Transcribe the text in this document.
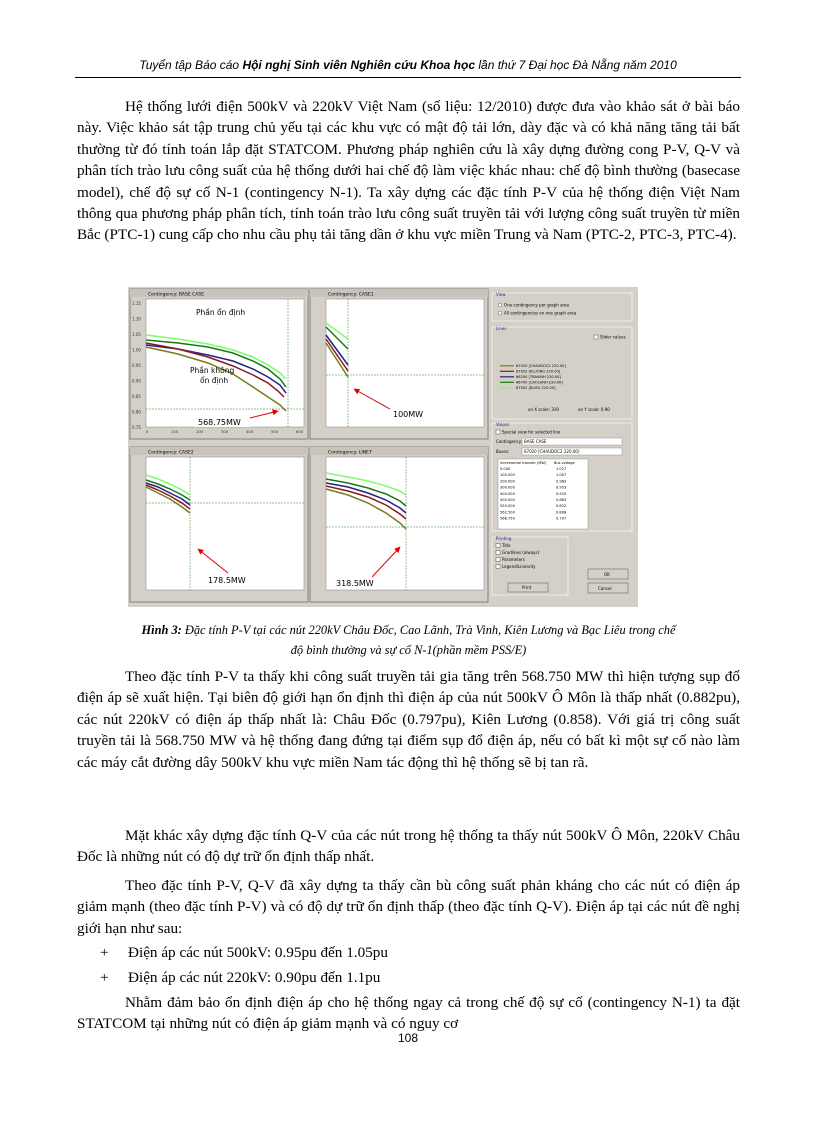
Tuyển tập Báo cáo Hội nghị Sinh viên Nghiên cứu Khoa học lần thứ 7 Đại học Đà Nẵng năm 2010

Hệ thống lưới điện 500kV và 220kV Việt Nam (số liệu: 12/2010) được đưa vào khảo sát ở bài báo này. Việc khảo sát tập trung chủ yếu tại các khu vực có mật độ tải lớn, dày đặc và có khả năng tăng tải bất thường từ đó tính toán lắp đặt STATCOM. Phương pháp nghiên cứu là xây dựng đường cong P-V, Q-V và phân tích trào lưu công suất của hệ thống dưới hai chế độ làm việc khác nhau: chế độ bình thường (basecase model), chế độ sự cố N-1 (contingency N-1). Ta xây dựng các đặc tính P-V của hệ thống điện Việt Nam thông qua phương pháp phân tích, tính toán trào lưu công suất truyền tải với lượng công suất truyền từ miền Bắc (PTC-1) cung cấp cho nhu cầu phụ tải tăng dần ở khu vực miền Trung và Nam (PTC-2, PTC-3, PTC-4).

Contingency: BASE CASE
1.15
1.10
1.05
1.00
0.95
0.90
0.85
0.80
0.75
Phần ổn định
Phần không
ổn định
568.75MW
0	100	200	300	400	500	600
Contingency: CASE1
100MW
Contingency: CASE2
178.5MW
Contingency: LINE7
318.5MW
View
One contingency per graph area
All contingencies on one graph area
Lines
Slider values
67020 [CHAUDOC2 220.00]
67052 [KLUONG 220.00]
66250 [TRAVINH 220.00]
66790 [CAOLANH 220.00]
67052 [BLIEU 220.00]
on X scale: 319	on Y scale: 0.90
Values
Special view for selected line
Contingency: BASE CASE
Buses:	67020 [CHAUDOC2 220.00]
Incremental transfer (MW) Bus voltage
0.000	1.027
100.000	1.007
200.000	0.983
300.000	0.953
400.000	0.915
500.000	0.863
550.000	0.822
562.500	0.808
568.750	0.797
Printing
Title
Gradlines (always)
Parameters
Legend/Linearity
Print
OK
Cancel
Hình 3: Đặc tính P-V tại các nút 220kV Châu Đốc, Cao Lãnh, Trà Vinh, Kiên Lương và Bạc Liêu trong chế
độ bình thường và sự cố N-1(phần mềm PSS/E)

Theo đặc tính P-V ta thấy khi công suất truyền tải gia tăng trên 568.750 MW thì hiện tượng sụp đổ điện áp sẽ xuất hiện. Tại biên độ giới hạn ổn định thì điện áp của nút 500kV Ô Môn là thấp nhất (0.882pu), các nút 220kV có điện áp thấp nhất là: Châu Đốc (0.797pu), Kiên Lương (0.858). Với giá trị công suất truyền tải là 568.750 MW và hệ thống đang đứng tại điểm sụp đổ điện áp, nếu có bất kì một sự cố nào làm các máy cắt đường dây 500kV khu vực miền Nam tác động thì hệ thống sẽ bị tan rã.

Mặt khác xây dựng đặc tính Q-V của các nút trong hệ thống ta thấy nút 500kV Ô Môn, 220kV Châu Đốc là những nút có độ dự trữ ổn định thấp nhất.

Theo đặc tính P-V, Q-V đã xây dựng ta thấy cần bù công suất phản kháng cho các nút có điện áp giảm mạnh (theo đặc tính P-V) và có độ dự trữ ổn định thấp (theo đặc tính Q-V). Điện áp tại các nút đề nghị giới hạn như sau:

+ Điện áp các nút 500kV: 0.95pu đến 1.05pu
+ Điện áp các nút 220kV: 0.90pu đến 1.1pu

Nhằm đảm bảo ổn định điện áp cho hệ thống ngay cả trong chế độ sự cố (contingency N-1) ta đặt STATCOM tại những nút có điện áp giảm mạnh và có nguy cơ

108
